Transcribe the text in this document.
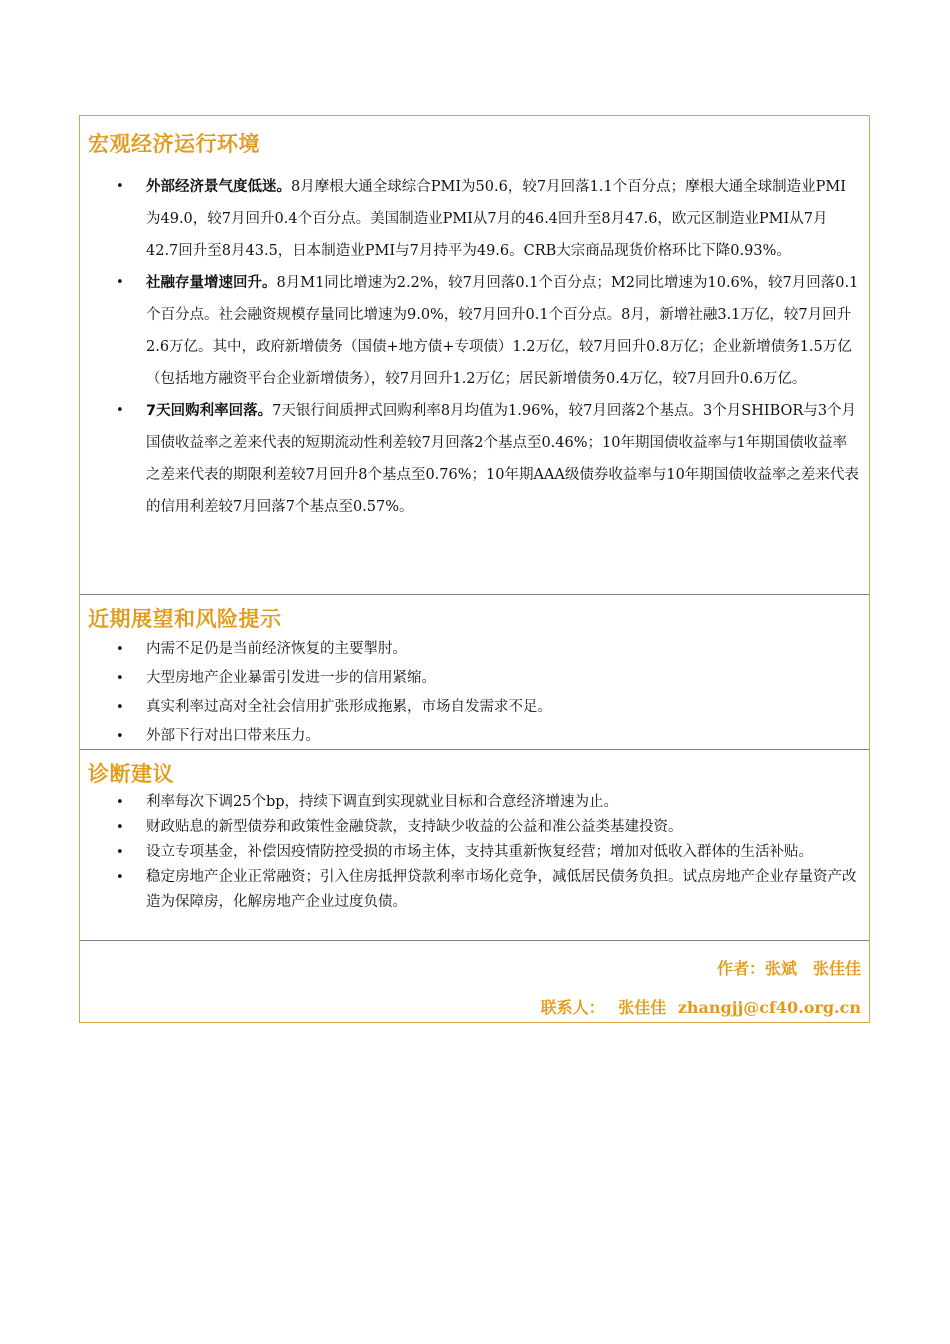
宏观经济运行环境
• 外部经济景气度低迷。8月摩根大通全球综合PMI为50.6，较7月回落1.1个百分点；摩根大通全球制造业PMI为49.0，较7月回升0.4个百分点。美国制造业PMI从7月的46.4回升至8月47.6，欧元区制造业PMI从7月42.7回升至8月43.5，日本制造业PMI与7月持平为49.6。CRB大宗商品现货价格环比下降0.93%。
• 社融存量增速回升。8月M1同比增速为2.2%，较7月回落0.1个百分点；M2同比增速为10.6%，较7月回落0.1个百分点。社会融资规模存量同比增速为9.0%，较7月回升0.1个百分点。8月，新增社融3.1万亿，较7月回升2.6万亿。其中，政府新增债务（国债+地方债+专项债）1.2万亿，较7月回升0.8万亿；企业新增债务1.5万亿（包括地方融资平台企业新增债务），较7月回升1.2万亿；居民新增债务0.4万亿，较7月回升0.6万亿。
• 7天回购利率回落。7天银行间质押式回购利率8月均值为1.96%，较7月回落2个基点。3个月SHIBOR与3个月国债收益率之差来代表的短期流动性利差较7月回落2个基点至0.46%；10年期国债收益率与1年期国债收益率之差来代表的期限利差较7月回升8个基点至0.76%；10年期AAA级债券收益率与10年期国债收益率之差来代表的信用利差较7月回落7个基点至0.57%。
近期展望和风险提示
• 内需不足仍是当前经济恢复的主要掣肘。
• 大型房地产企业暴雷引发进一步的信用紧缩。
• 真实利率过高对全社会信用扩张形成拖累，市场自发需求不足。
• 外部下行对出口带来压力。
诊断建议
• 利率每次下调25个bp，持续下调直到实现就业目标和合意经济增速为止。
• 财政贴息的新型债券和政策性金融贷款，支持缺少收益的公益和准公益类基建投资。
• 设立专项基金，补偿因疫情防控受损的市场主体，支持其重新恢复经营；增加对低收入群体的生活补贴。
• 稳定房地产企业正常融资；引入住房抵押贷款利率市场化竞争，减低居民债务负担。试点房地产企业存量资产改造为保障房，化解房地产企业过度负债。
作者：张斌　张佳佳
联系人： 张佳佳 zhangjj@cf40.org.cn
